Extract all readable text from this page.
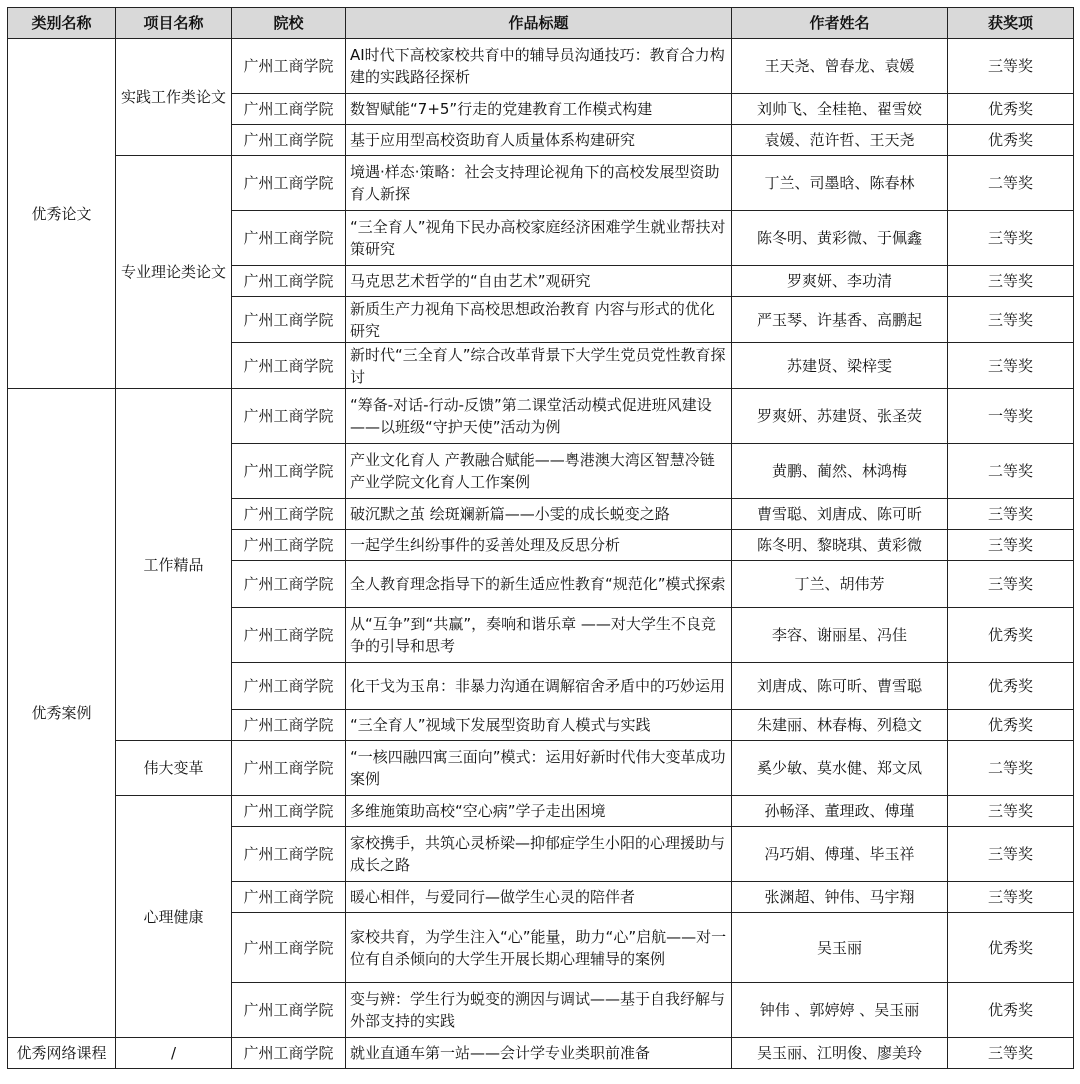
类别名称	项目名称	院校	作品标题	作者姓名	获奖项
优秀论文	实践工作类论文	广州工商学院	AI时代下高校家校共育中的辅导员沟通技巧：教育合力构建的实践路径探析	王天尧、曾春龙、袁媛	三等奖
		广州工商学院	数智赋能“7+5”行走的党建教育工作模式构建	刘帅飞、全桂艳、翟雪姣	优秀奖
		广州工商学院	基于应用型高校资助育人质量体系构建研究	袁媛、范许哲、王天尧	优秀奖
	专业理论类论文	广州工商学院	境遇·样态·策略：社会支持理论视角下的高校发展型资助育人新探	丁兰、司墨晗、陈春林	二等奖
		广州工商学院	“三全育人”视角下民办高校家庭经济困难学生就业帮扶对策研究	陈冬明、黄彩微、于佩鑫	三等奖
		广州工商学院	马克思艺术哲学的“自由艺术”观研究	罗爽妍、李功清	三等奖
		广州工商学院	新质生产力视角下高校思想政治教育 内容与形式的优化研究	严玉琴、许基香、高鹏起	三等奖
		广州工商学院	新时代“三全育人”综合改革背景下大学生党员党性教育探讨	苏建贤、梁梓雯	三等奖
优秀案例	工作精品	广州工商学院	“筹备-对话-行动-反馈”第二课堂活动模式促进班风建设——以班级“守护天使”活动为例	罗爽妍、苏建贤、张圣荧	一等奖
		广州工商学院	产业文化育人 产教融合赋能——粤港澳大湾区智慧冷链产业学院文化育人工作案例	黄鹏、蔺然、林鸿梅	二等奖
		广州工商学院	破沉默之茧 绘斑斓新篇——小雯的成长蜕变之路	曹雪聪、刘唐成、陈可昕	三等奖
		广州工商学院	一起学生纠纷事件的妥善处理及反思分析	陈冬明、黎晓琪、黄彩微	三等奖
		广州工商学院	全人教育理念指导下的新生适应性教育“规范化”模式探索	丁兰、胡伟芳	三等奖
		广州工商学院	从“互争”到“共赢”，奏响和谐乐章 ——对大学生不良竞争的引导和思考	李容、谢丽星、冯佳	优秀奖
		广州工商学院	化干戈为玉帛：非暴力沟通在调解宿舍矛盾中的巧妙运用	刘唐成、陈可昕、曹雪聪	优秀奖
		广州工商学院	“三全育人”视域下发展型资助育人模式与实践	朱建丽、林春梅、列稳文	优秀奖
	伟大变革	广州工商学院	“一核四融四寓三面向”模式：运用好新时代伟大变革成功案例	奚少敏、莫水健、郑文凤	二等奖
	心理健康	广州工商学院	多维施策助高校“空心病”学子走出困境	孙畅泽、董理政、傅瑾	三等奖
		广州工商学院	家校携手，共筑心灵桥梁—抑郁症学生小阳的心理援助与成长之路	冯巧娟、傅瑾、毕玉祥	三等奖
		广州工商学院	暖心相伴，与爱同行—做学生心灵的陪伴者	张渊超、钟伟、马宇翔	三等奖
		广州工商学院	家校共育，为学生注入“心”能量，助力“心”启航——对一位有自杀倾向的大学生开展长期心理辅导的案例	吴玉丽	优秀奖
		广州工商学院	变与辨：学生行为蜕变的溯因与调试——基于自我纾解与外部支持的实践	钟伟 、郭婷婷 、吴玉丽	优秀奖
优秀网络课程	/	广州工商学院	就业直通车第一站——会计学专业类职前准备	吴玉丽、江明俊、廖美玲	三等奖
